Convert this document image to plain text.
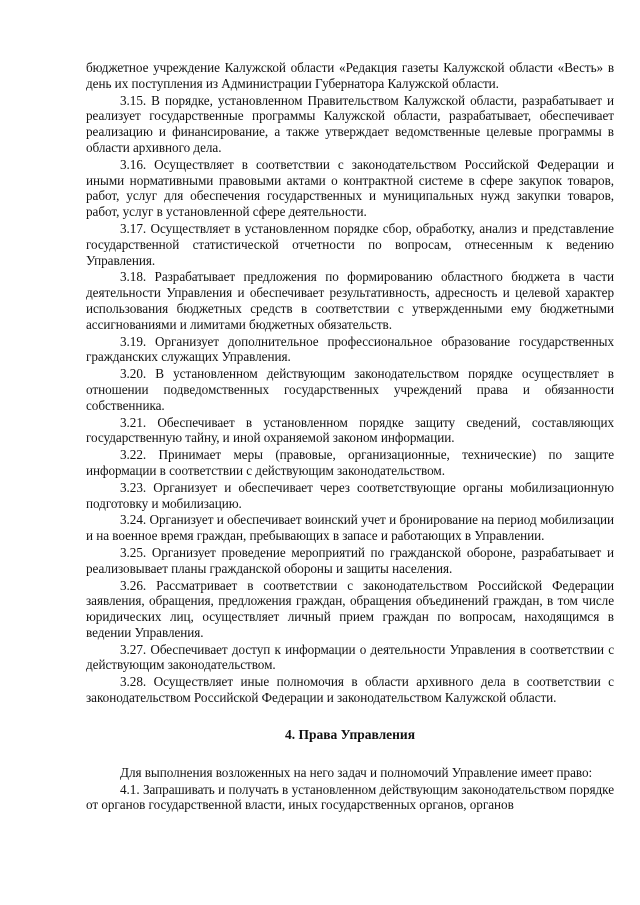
бюджетное учреждение Калужской области «Редакция газеты Калужской области «Весть» в день их поступления из Администрации Губернатора Калужской области.

3.15. В порядке, установленном Правительством Калужской области, разрабатывает и реализует государственные программы Калужской области, разрабатывает, обеспечивает реализацию и финансирование, а также утверждает ведомственные целевые программы в области архивного дела.

3.16. Осуществляет в соответствии с законодательством Российской Федерации и иными нормативными правовыми актами о контрактной системе в сфере закупок товаров, работ, услуг для обеспечения государственных и муниципальных нужд закупки товаров, работ, услуг в установленной сфере деятельности.

3.17. Осуществляет в установленном порядке сбор, обработку, анализ и представление государственной статистической отчетности по вопросам, отнесенным к ведению Управления.

3.18. Разрабатывает предложения по формированию областного бюджета в части деятельности Управления и обеспечивает результативность, адресность и целевой характер использования бюджетных средств в соответствии с утвержденными ему бюджетными ассигнованиями и лимитами бюджетных обязательств.

3.19. Организует дополнительное профессиональное образование государственных гражданских служащих Управления.

3.20. В установленном действующим законодательством порядке осуществляет в отношении подведомственных государственных учреждений права и обязанности собственника.

3.21. Обеспечивает в установленном порядке защиту сведений, составляющих государственную тайну, и иной охраняемой законом информации.

3.22. Принимает меры (правовые, организационные, технические) по защите информации в соответствии с действующим законодательством.

3.23. Организует и обеспечивает через соответствующие органы мобилизационную подготовку и мобилизацию.

3.24. Организует и обеспечивает воинский учет и бронирование на период мобилизации и на военное время граждан, пребывающих в запасе и работающих в Управлении.

3.25. Организует проведение мероприятий по гражданской обороне, разрабатывает и реализовывает планы гражданской обороны и защиты населения.

3.26. Рассматривает в соответствии с законодательством Российской Федерации заявления, обращения, предложения граждан, обращения объединений граждан, в том числе юридических лиц, осуществляет личный прием граждан по вопросам, находящимся в ведении Управления.

3.27. Обеспечивает доступ к информации о деятельности Управления в соответствии с действующим законодательством.

3.28. Осуществляет иные полномочия в области архивного дела в соответствии с законодательством Российской Федерации и законодательством Калужской области.

4. Права Управления

Для выполнения возложенных на него задач и полномочий Управление имеет право:

4.1. Запрашивать и получать в установленном действующим законодательством порядке от органов государственной власти, иных государственных органов, органов
